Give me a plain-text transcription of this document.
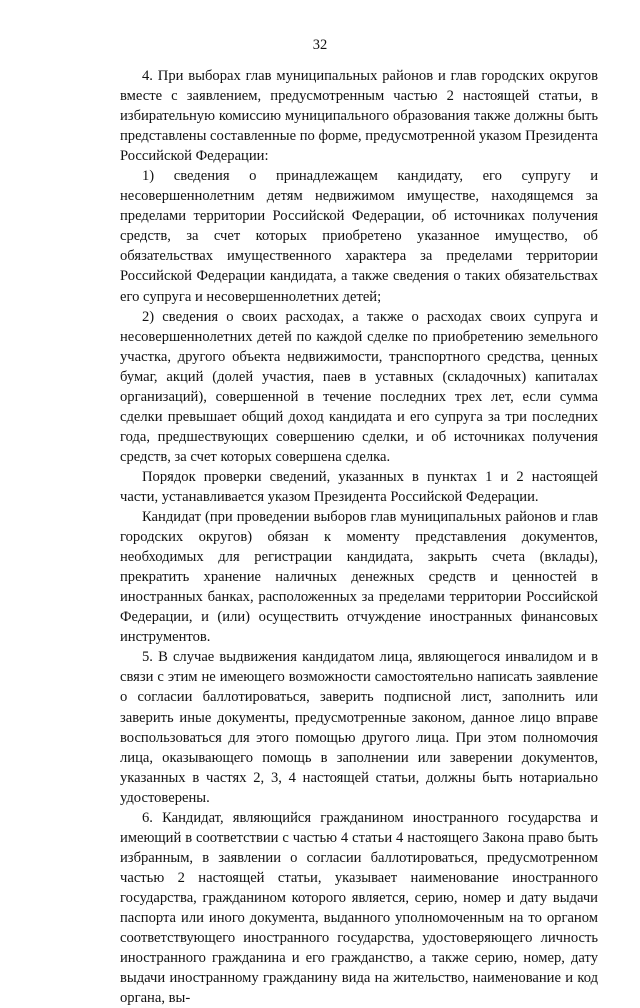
32

4. При выборах глав муниципальных районов и глав городских округов вместе с заявлением, предусмотренным частью 2 настоящей статьи, в избирательную комиссию муниципального образования также должны быть представлены составленные по форме, предусмотренной указом Президента Российской Федерации:

1) сведения о принадлежащем кандидату, его супругу и несовершеннолетним детям недвижимом имуществе, находящемся за пределами территории Российской Федерации, об источниках получения средств, за счет которых приобретено указанное имущество, об обязательствах имущественного характера за пределами территории Российской Федерации кандидата, а также сведения о таких обязательствах его супруга и несовершеннолетних детей;

2) сведения о своих расходах, а также о расходах своих супруга и несовершеннолетних детей по каждой сделке по приобретению земельного участка, другого объекта недвижимости, транспортного средства, ценных бумаг, акций (долей участия, паев в уставных (складочных) капиталах организаций), совершенной в течение последних трех лет, если сумма сделки превышает общий доход кандидата и его супруга за три последних года, предшествующих совершению сделки, и об источниках получения средств, за счет которых совершена сделка.

Порядок проверки сведений, указанных в пунктах 1 и 2 настоящей части, устанавливается указом Президента Российской Федерации.

Кандидат (при проведении выборов глав муниципальных районов и глав городских округов) обязан к моменту представления документов, необходимых для регистрации кандидата, закрыть счета (вклады), прекратить хранение наличных денежных средств и ценностей в иностранных банках, расположенных за пределами территории Российской Федерации, и (или) осуществить отчуждение иностранных финансовых инструментов.

5. В случае выдвижения кандидатом лица, являющегося инвалидом и в связи с этим не имеющего возможности самостоятельно написать заявление о согласии баллотироваться, заверить подписной лист, заполнить или заверить иные документы, предусмотренные законом, данное лицо вправе воспользоваться для этого помощью другого лица. При этом полномочия лица, оказывающего помощь в заполнении или заверении документов, указанных в частях 2, 3, 4 настоящей статьи, должны быть нотариально удостоверены.

6. Кандидат, являющийся гражданином иностранного государства и имеющий в соответствии с частью 4 статьи 4 настоящего Закона право быть избранным, в заявлении о согласии баллотироваться, предусмотренном частью 2 настоящей статьи, указывает наименование иностранного государства, гражданином которого является, серию, номер и дату выдачи паспорта или иного документа, выданного уполномоченным на то органом соответствующего иностранного государства, удостоверяющего личность иностранного гражданина и его гражданство, а также серию, номер, дату выдачи иностранному гражданину вида на жительство, наименование и код органа, вы-
